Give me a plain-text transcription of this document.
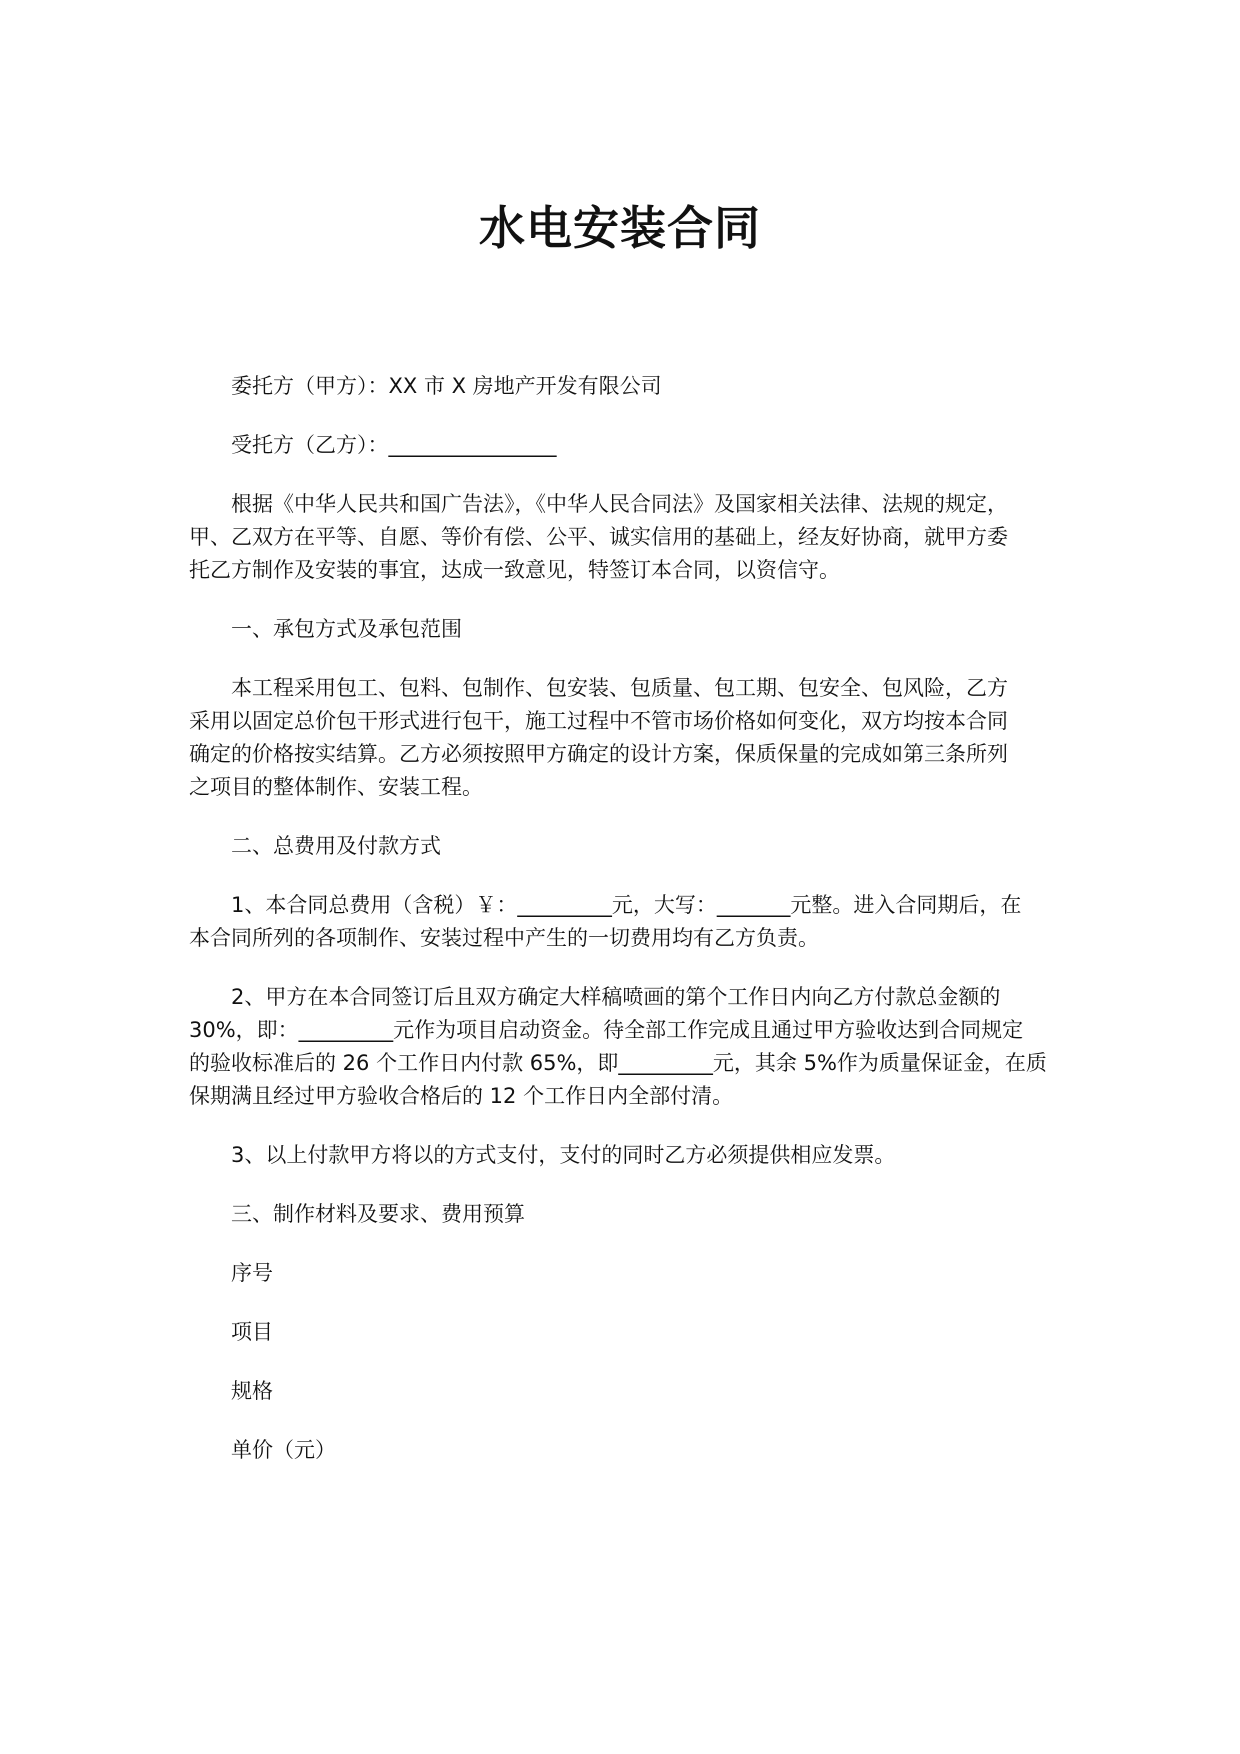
水电安装合同

委托方（甲方）：XX 市 X 房地产开发有限公司

受托方（乙方）：________________

根据《中华人民共和国广告法》，《中华人民合同法》及国家相关法律、法规的规定，

甲、乙双方在平等、自愿、等价有偿、公平、诚实信用的基础上，经友好协商，就甲方委

托乙方制作及安装的事宜，达成一致意见，特签订本合同，以资信守。

一、承包方式及承包范围

本工程采用包工、包料、包制作、包安装、包质量、包工期、包安全、包风险，乙方

采用以固定总价包干形式进行包干，施工过程中不管市场价格如何变化，双方均按本合同

确定的价格按实结算。乙方必须按照甲方确定的设计方案，保质保量的完成如第三条所列

之项目的整体制作、安装工程。

二、总费用及付款方式

1、本合同总费用（含税）￥：_________元，大写：_______元整。进入合同期后，在

本合同所列的各项制作、安装过程中产生的一切费用均有乙方负责。

2、甲方在本合同签订后且双方确定大样稿喷画的第个工作日内向乙方付款总金额的

30%，即：_________元作为项目启动资金。待全部工作完成且通过甲方验收达到合同规定

的验收标准后的 26 个工作日内付款 65%，即_________元，其余 5%作为质量保证金，在质

保期满且经过甲方验收合格后的 12 个工作日内全部付清。

3、以上付款甲方将以的方式支付，支付的同时乙方必须提供相应发票。

三、制作材料及要求、费用预算

序号

项目

规格

单价（元）
